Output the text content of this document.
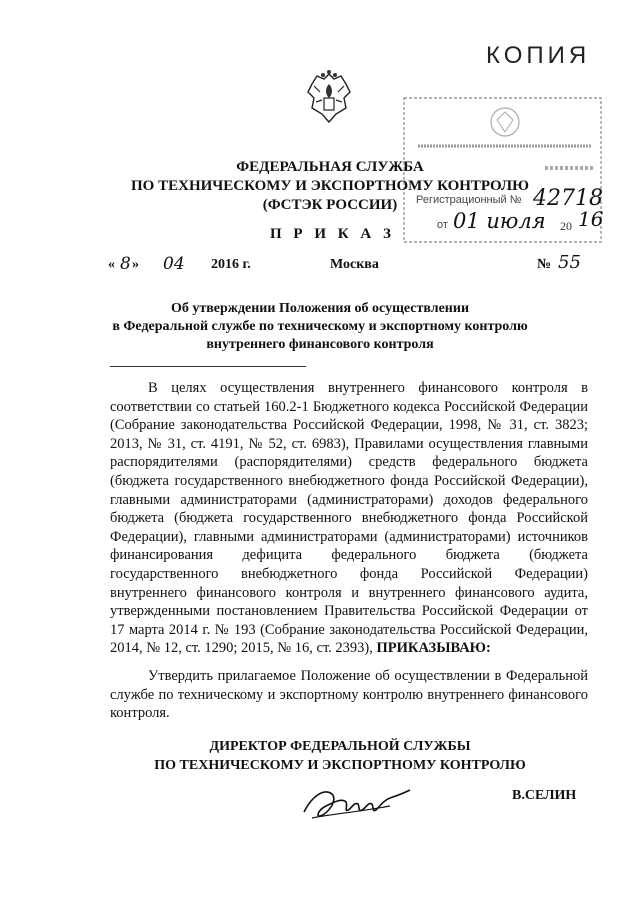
КОПИЯ
Регистрационный № 42718
от 01 июля 20 16
ФЕДЕРАЛЬНАЯ СЛУЖБА
ПО ТЕХНИЧЕСКОМУ И ЭКСПОРТНОМУ КОНТРОЛЮ
(ФСТЭК РОССИИ)
П Р И К А З
« 8 » 04 2016 г.	Москва	№ 55
Об утверждении Положения об осуществлении
в Федеральной службе по техническому и экспортному контролю
внутреннего финансового контроля
В целях осуществления внутреннего финансового контроля в соответствии со статьей 160.2-1 Бюджетного кодекса Российской Федерации (Собрание законодательства Российской Федерации, 1998, № 31, ст. 3823; 2013, № 31, ст. 4191, № 52, ст. 6983), Правилами осуществления главными распорядителями (распорядителями) средств федерального бюджета (бюджета государственного внебюджетного фонда Российской Федерации), главными администраторами (администраторами) доходов федерального бюджета (бюджета государственного внебюджетного фонда Российской Федерации), главными администраторами (администраторами) источников финансирования дефицита федерального бюджета (бюджета государственного внебюджетного фонда Российской Федерации) внутреннего финансового контроля и внутреннего финансового аудита, утвержденными постановлением Правительства Российской Федерации от 17 марта 2014 г. № 193 (Собрание законодательства Российской Федерации, 2014, № 12, ст. 1290; 2015, № 16, ст. 2393), ПРИКАЗЫВАЮ:
Утвердить прилагаемое Положение об осуществлении в Федеральной службе по техническому и экспортному контролю внутреннего финансового контроля.
ДИРЕКТОР ФЕДЕРАЛЬНОЙ СЛУЖБЫ
ПО ТЕХНИЧЕСКОМУ И ЭКСПОРТНОМУ КОНТРОЛЮ
В.СЕЛИН
